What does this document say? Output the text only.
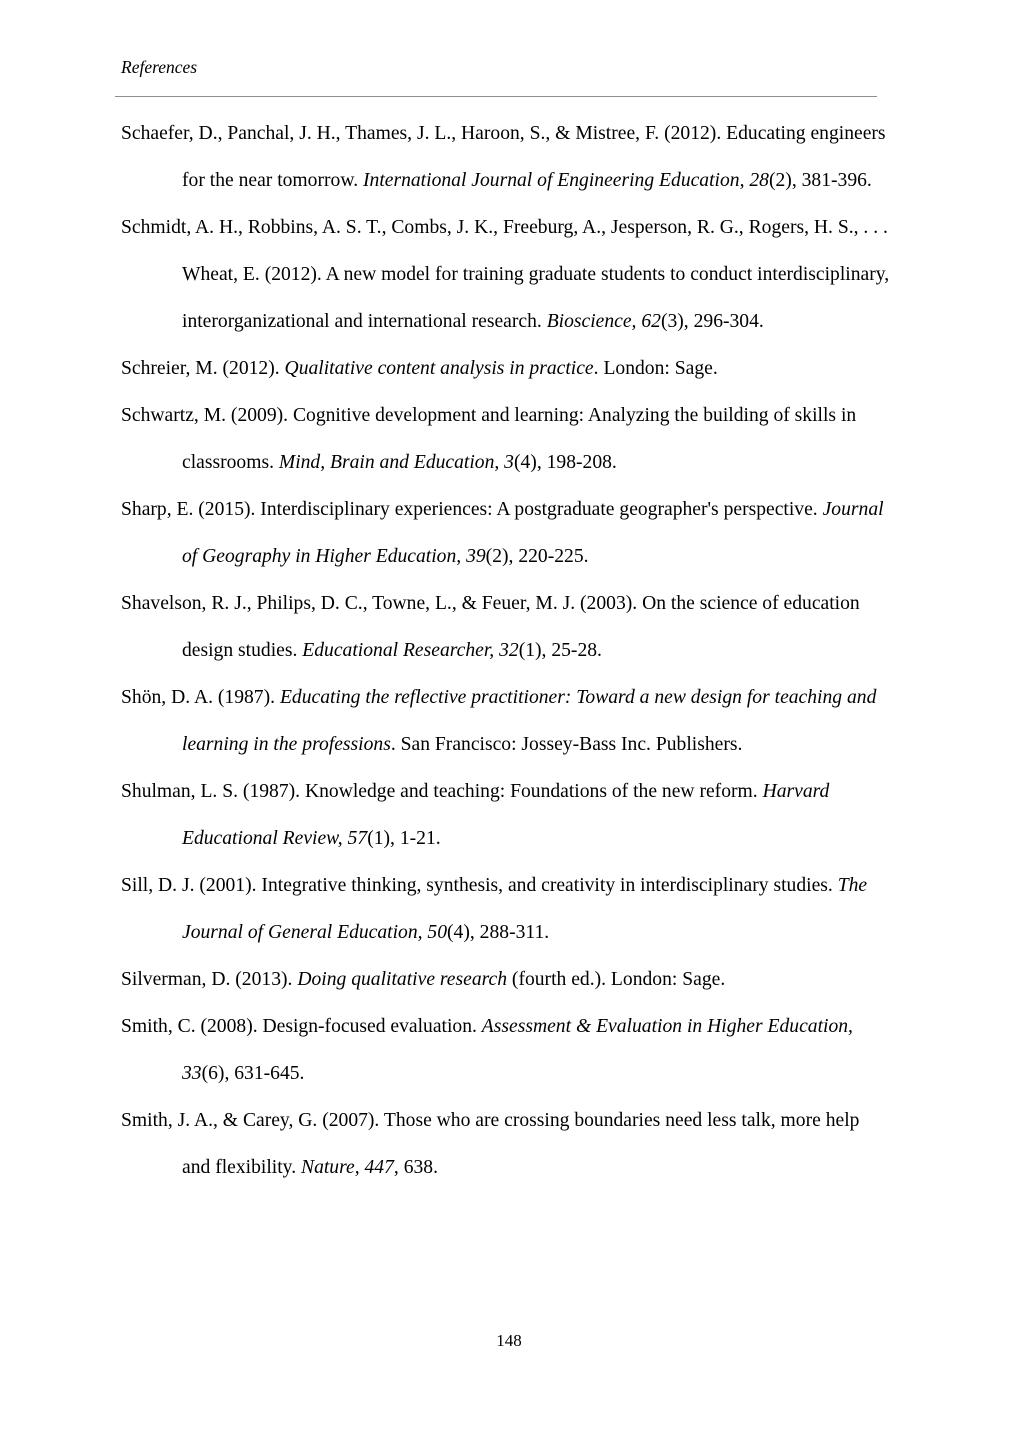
References

Schaefer, D., Panchal, J. H., Thames, J. L., Haroon, S., & Mistree, F. (2012). Educating engineers for the near tomorrow. International Journal of Engineering Education, 28(2), 381-396.

Schmidt, A. H., Robbins, A. S. T., Combs, J. K., Freeburg, A., Jesperson, R. G., Rogers, H. S., . . . Wheat, E. (2012). A new model for training graduate students to conduct interdisciplinary, interorganizational and international research. Bioscience, 62(3), 296-304.

Schreier, M. (2012). Qualitative content analysis in practice. London: Sage.

Schwartz, M. (2009). Cognitive development and learning: Analyzing the building of skills in classrooms. Mind, Brain and Education, 3(4), 198-208.

Sharp, E. (2015). Interdisciplinary experiences: A postgraduate geographer's perspective. Journal of Geography in Higher Education, 39(2), 220-225.

Shavelson, R. J., Philips, D. C., Towne, L., & Feuer, M. J. (2003). On the science of education design studies. Educational Researcher, 32(1), 25-28.

Shön, D. A. (1987). Educating the reflective practitioner: Toward a new design for teaching and learning in the professions. San Francisco: Jossey-Bass Inc. Publishers.

Shulman, L. S. (1987). Knowledge and teaching: Foundations of the new reform. Harvard Educational Review, 57(1), 1-21.

Sill, D. J. (2001). Integrative thinking, synthesis, and creativity in interdisciplinary studies. The Journal of General Education, 50(4), 288-311.

Silverman, D. (2013). Doing qualitative research (fourth ed.). London: Sage.

Smith, C. (2008). Design-focused evaluation. Assessment & Evaluation in Higher Education, 33(6), 631-645.

Smith, J. A., & Carey, G. (2007). Those who are crossing boundaries need less talk, more help and flexibility. Nature, 447, 638.

148
